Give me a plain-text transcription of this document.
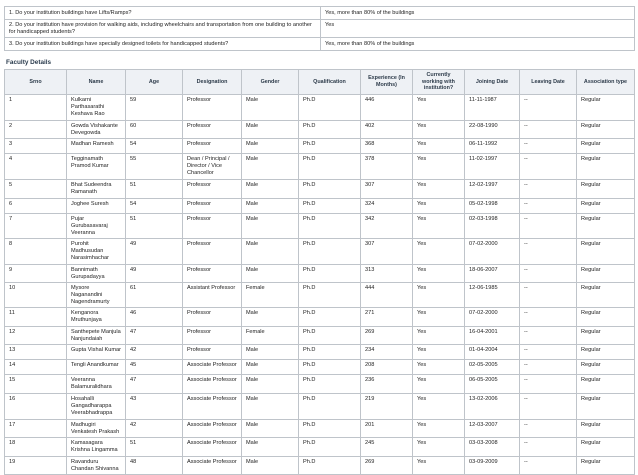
1. Do your institution buildings have Lifts/Ramps?	Yes, more than 80% of the buildings
2. Do your institution have provision for walking aids, including wheelchairs and transportation from one building to another for handicapped students?	Yes
3. Do your institution buildings have specially designed toilets for handicapped students?	Yes, more than 80% of the buildings
Faculty Details
Srno	Name	Age	Designation	Gender	Qualification	Experience (In Months)	Currently working with institution?	Joining Date	Leaving Date	Association type
1	Kulkarni Parthasarathi Keshava Rao	59	Professor	Male	Ph.D	446	Yes	11-11-1987	--	Regular
2	Gowda Vishakante Devegowda	60	Professor	Male	Ph.D	402	Yes	22-08-1990	--	Regular
3	Madhan Ramesh	54	Professor	Male	Ph.D	368	Yes	06-11-1992	--	Regular
4	Tegginamath Pramod Kumar	55	Dean / Principal / Director / Vice Chancellor	Male	Ph.D	378	Yes	11-02-1997	--	Regular
5	Bhat Sudeendra Ramanath	51	Professor	Male	Ph.D	307	Yes	12-02-1997	--	Regular
6	Joghee Suresh	54	Professor	Male	Ph.D	324	Yes	05-02-1998	--	Regular
7	Pujar Gurubasavaraj Veeranna	51	Professor	Male	Ph.D	342	Yes	02-03-1998	--	Regular
8	Purohit Madhusudan Narasimhachar	49	Professor	Male	Ph.D	307	Yes	07-02-2000	--	Regular
9	Bannimath Gurupadayya	49	Professor	Male	Ph.D	313	Yes	18-06-2007	--	Regular
10	Mysore Naganandini Nagendramurty	61	Assistant Professor	Female	Ph.D	444	Yes	12-06-1985	--	Regular
11	Kenganora Mruthunjaya	46	Professor	Male	Ph.D	271	Yes	07-02-2000	--	Regular
12	Santhepete Manjula Nanjundaiah	47	Professor	Female	Ph.D	269	Yes	16-04-2001	--	Regular
13	Gupta Vishal Kumar	42	Professor	Male	Ph.D	234	Yes	01-04-2004	--	Regular
14	Tengli Anandkumar	45	Associate Professor	Male	Ph.D	208	Yes	02-05-2005	--	Regular
15	Veeranna Balamuralidhara	47	Associate Professor	Male	Ph.D	236	Yes	06-05-2005	--	Regular
16	Hosahalli Gangadharappa Veerabhadrappa	43	Associate Professor	Male	Ph.D	219	Yes	13-02-2006	--	Regular
17	Madhugiri Venkatesh Prakash	42	Associate Professor	Male	Ph.D	201	Yes	12-03-2007	--	Regular
18	Kamasagara Krishna Lingamma	51	Associate Professor	Male	Ph.D	245	Yes	03-03-2008	--	Regular
19	Ravanduru Chandan Shivanna	48	Associate Professor	Male	Ph.D	269	Yes	03-09-2009	--	Regular
